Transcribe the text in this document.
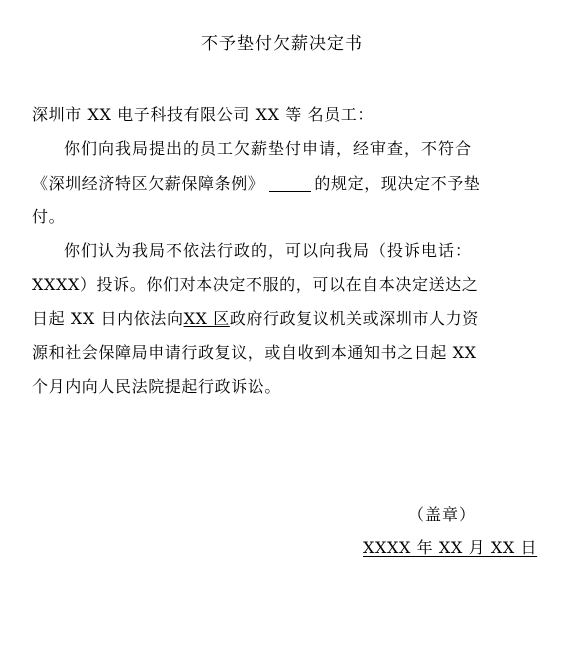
不予垫付欠薪决定书
深圳市 XX 电子科技有限公司 XX 等 名员工：
你们向我局提出的员工欠薪垫付申请，经审查，不符合
《深圳经济特区欠薪保障条例》	的规定，现决定不予垫
付。
你们认为我局不依法行政的，可以向我局（投诉电话：
XXXX）投诉。你们对本决定不服的，可以在自本决定送达之
日起 XX 日内依法向XX 区政府行政复议机关或深圳市人力资
源和社会保障局申请行政复议，或自收到本通知书之日起 XX
个月内向人民法院提起行政诉讼。
（盖章）
XXXX 年 XX 月 XX 日
